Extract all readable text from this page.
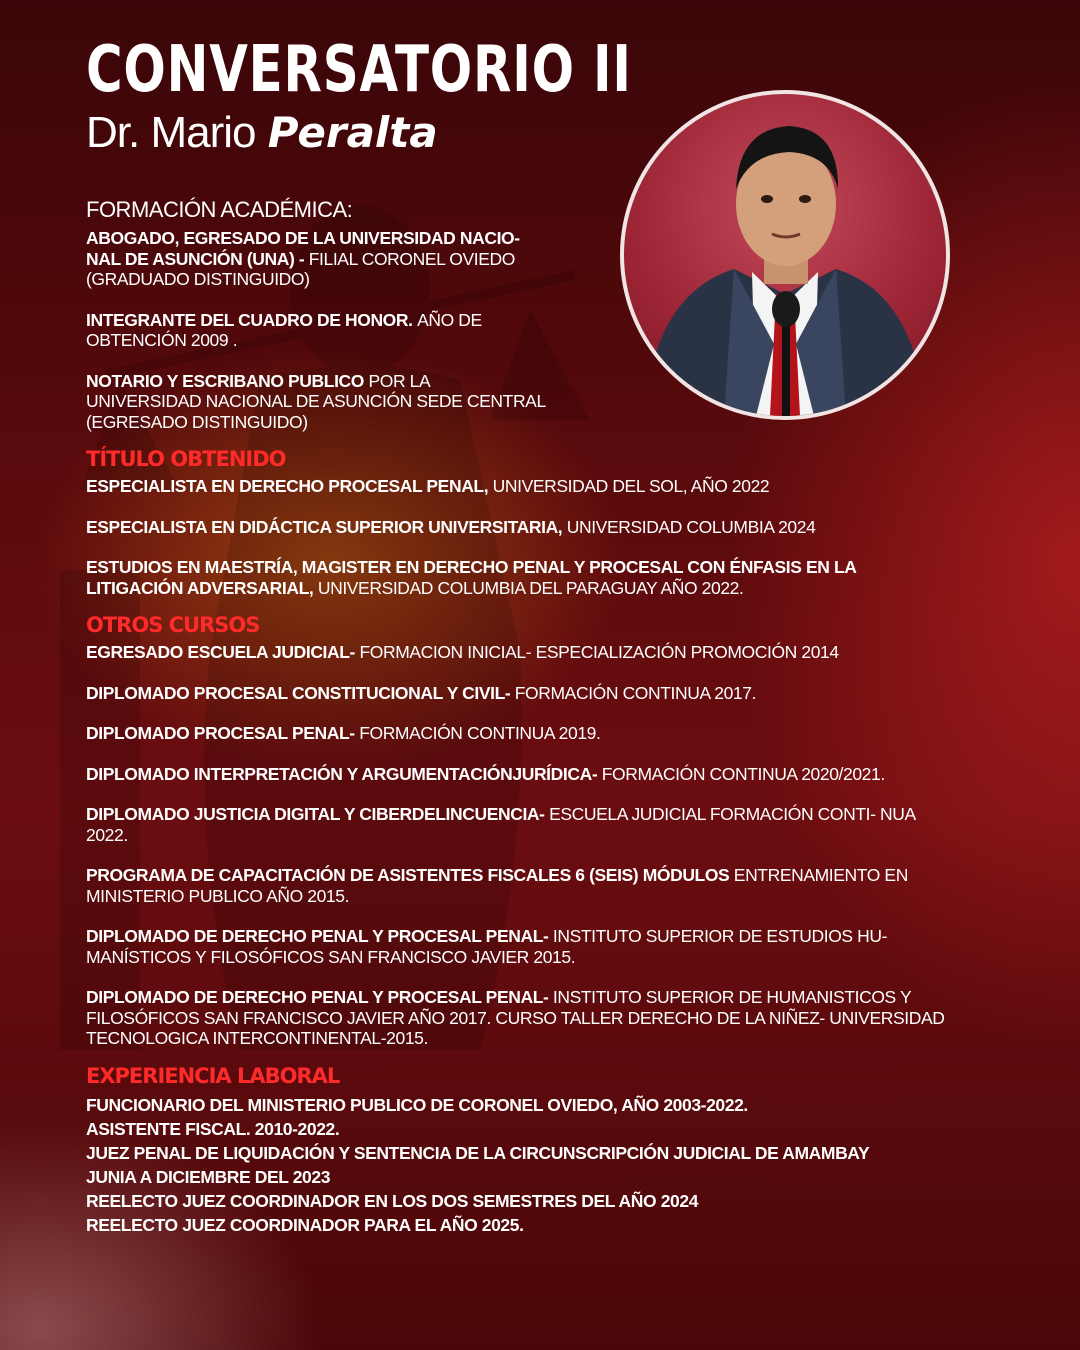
CONVERSATORIO II
Dr. Mario Peralta
FORMACIÓN ACADÉMICA:

ABOGADO, EGRESADO DE LA UNIVERSIDAD NACIO- NAL DE ASUNCIÓN (UNA) - FILIAL CORONEL OVIEDO (GRADUADO DISTINGUIDO)

INTEGRANTE DEL CUADRO DE HONOR. AÑO DE OBTENCIÓN 2009 .

NOTARIO Y ESCRIBANO PUBLICO POR LA UNIVERSIDAD NACIONAL DE ASUNCIÓN SEDE CENTRAL (EGRESADO DISTINGUIDO)

TÍTULO OBTENIDO

ESPECIALISTA EN DERECHO PROCESAL PENAL, UNIVERSIDAD DEL SOL, AÑO 2022

ESPECIALISTA EN DIDÁCTICA SUPERIOR UNIVERSITARIA, UNIVERSIDAD COLUMBIA 2024

ESTUDIOS EN MAESTRÍA, MAGISTER EN DERECHO PENAL Y PROCESAL CON ÉNFASIS EN LA LITIGACIÓN ADVERSARIAL, UNIVERSIDAD COLUMBIA DEL PARAGUAY AÑO 2022.

OTROS CURSOS

EGRESADO ESCUELA JUDICIAL- FORMACION INICIAL- ESPECIALIZACIÓN PROMOCIÓN 2014

DIPLOMADO PROCESAL CONSTITUCIONAL Y CIVIL- FORMACIÓN CONTINUA 2017.

DIPLOMADO PROCESAL PENAL- FORMACIÓN CONTINUA 2019.

DIPLOMADO INTERPRETACIÓN Y ARGUMENTACIÓNJURÍDICA- FORMACIÓN CONTINUA 2020/2021.

DIPLOMADO JUSTICIA DIGITAL Y CIBERDELINCUENCIA- ESCUELA JUDICIAL FORMACIÓN CONTI- NUA 2022.

PROGRAMA DE CAPACITACIÓN DE ASISTENTES FISCALES 6 (SEIS) MÓDULOS ENTRENAMIENTO EN MINISTERIO PUBLICO AÑO 2015.

DIPLOMADO DE DERECHO PENAL Y PROCESAL PENAL- INSTITUTO SUPERIOR DE ESTUDIOS HU- MANÍSTICOS Y FILOSÓFICOS SAN FRANCISCO JAVIER 2015.

DIPLOMADO DE DERECHO PENAL Y PROCESAL PENAL- INSTITUTO SUPERIOR DE HUMANISTICOS Y FILOSÓFICOS SAN FRANCISCO JAVIER AÑO 2017. CURSO TALLER DERECHO DE LA NIÑEZ- UNIVERSIDAD TECNOLOGICA INTERCONTINENTAL-2015.

EXPERIENCIA LABORAL

FUNCIONARIO DEL MINISTERIO PUBLICO DE CORONEL OVIEDO, AÑO 2003-2022.

ASISTENTE FISCAL. 2010-2022.

JUEZ PENAL DE LIQUIDACIÓN Y SENTENCIA DE LA CIRCUNSCRIPCIÓN JUDICIAL DE AMAMBAY

JUNIA A DICIEMBRE DEL 2023

REELECTO JUEZ COORDINADOR EN LOS DOS SEMESTRES DEL AÑO 2024

REELECTO JUEZ COORDINADOR PARA EL AÑO 2025.
